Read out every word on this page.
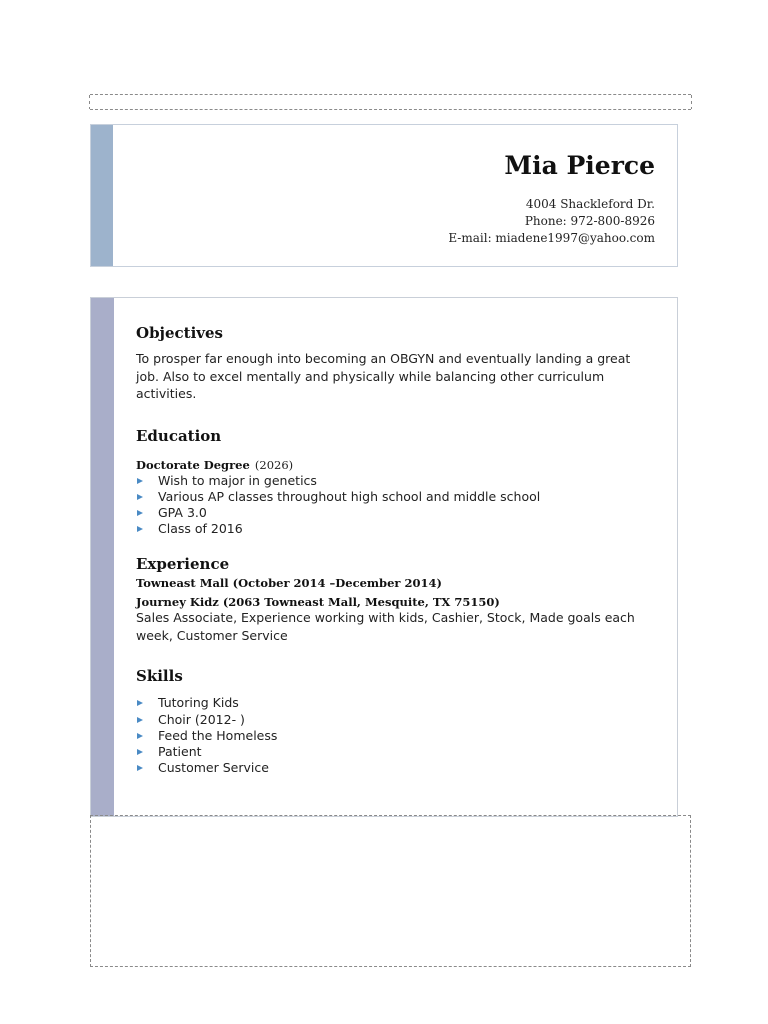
Mia Pierce
4004 Shackleford Dr.
Phone: 972-800-8926
E-mail: miadene1997@yahoo.com
Objectives

To prosper far enough into becoming an OBGYN and eventually landing a great job. Also to excel mentally and physically while balancing other curriculum activities.

Education
Doctorate Degree (2026)
Wish to major in genetics
Various AP classes throughout high school and middle school
GPA 3.0
Class of 2016
Experience
Towneast Mall (October 2014 –December 2014)
Journey Kidz (2063 Towneast Mall, Mesquite, TX 75150)

Sales Associate, Experience working with kids, Cashier, Stock, Made goals each week, Customer Service

Skills
Tutoring Kids
Choir (2012- )
Feed the Homeless
Patient
Customer Service
